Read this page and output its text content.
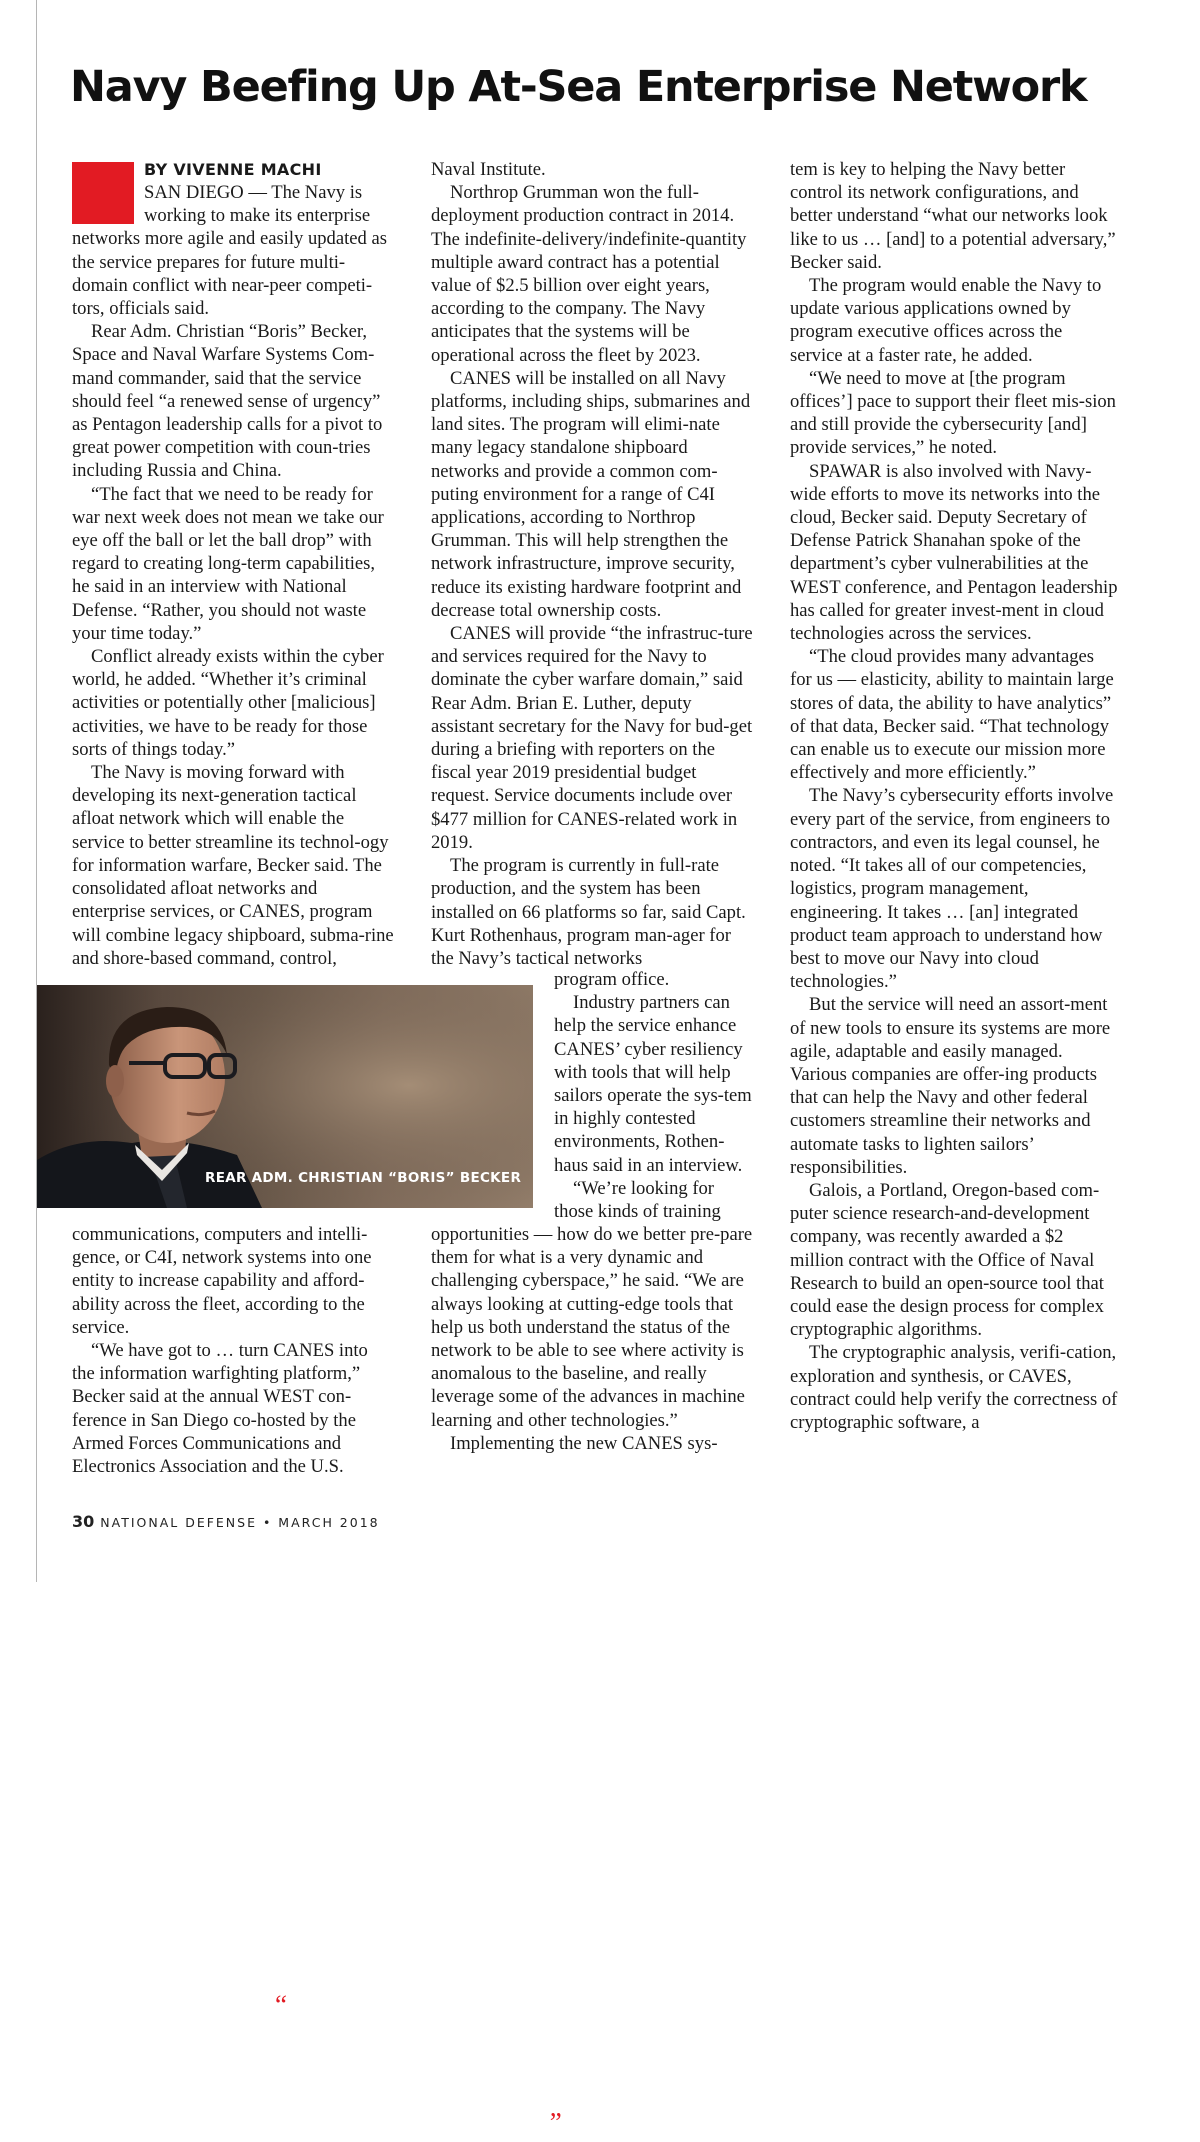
Navy Beefing Up At-Sea Enterprise Network
BY VIVENNE MACHI

SAN DIEGO — The Navy is working to make its enterprise networks more agile and easily updated as the service prepares for future multi-domain conflict with near-peer competi-tors, officials said.

Rear Adm. Christian “Boris” Becker, Space and Naval Warfare Systems Com-mand commander, said that the service should feel “a renewed sense of urgency” as Pentagon leadership calls for a pivot to great power competition with coun-tries including Russia and China.

“The fact that we need to be ready for war next week does not mean we take our eye off the ball or let the ball drop” with regard to creating long-term capabilities, he said in an interview with National Defense. “Rather, you should not waste your time today.”

Conflict already exists within the cyber world, he added. “Whether it’s criminal activities or potentially other [malicious] activities, we have to be ready for those sorts of things today.”

The Navy is moving forward with developing its next-generation tactical afloat network which will enable the service to better streamline its technol-ogy for information warfare, Becker said. The consolidated afloat networks and enterprise services, or CANES, program will combine legacy shipboard, subma-rine and shore-based command, control,

communications, computers and intelli-gence, or C4I, network systems into one entity to increase capability and afford-ability across the fleet, according to the service.

“We have got to … turn CANES into the information warfighting platform,” Becker said at the annual WEST con-ference in San Diego co-hosted by the Armed Forces Communications and Electronics Association and the U.S.

Naval Institute.

Northrop Grumman won the full-deployment production contract in 2014. The indefinite-delivery/indefinite-quantity multiple award contract has a potential value of $2.5 billion over eight years, according to the company. The Navy anticipates that the systems will be operational across the fleet by 2023.

CANES will be installed on all Navy platforms, including ships, submarines and land sites. The program will elimi-nate many legacy standalone shipboard networks and provide a common com-puting environment for a range of C4I applications, according to Northrop Grumman. This will help strengthen the network infrastructure, improve security, reduce its existing hardware footprint and decrease total ownership costs.

CANES will provide “the infrastruc-ture and services required for the Navy to dominate the cyber warfare domain,” said Rear Adm. Brian E. Luther, deputy assistant secretary for the Navy for bud-get during a briefing with reporters on the fiscal year 2019 presidential budget request. Service documents include over $477 million for CANES-related work in 2019.

The program is currently in full-rate production, and the system has been installed on 66 platforms so far, said Capt. Kurt Rothenhaus, program man-ager for the Navy’s tactical networks

program office.

Industry partners can help the service enhance CANES’ cyber resiliency with tools that will help sailors operate the sys-tem in highly contested environments, Rothen-haus said in an interview.

“We’re looking for those kinds of training

opportunities — how do we better pre-pare them for what is a very dynamic and challenging cyberspace,” he said. “We are always looking at cutting-edge tools that help us both understand the status of the network to be able to see where activity is anomalous to the baseline, and really leverage some of the advances in machine learning and other technologies.”

Implementing the new CANES sys-

tem is key to helping the Navy better control its network configurations, and better understand “what our networks look like to us … [and] to a potential adversary,” Becker said.

The program would enable the Navy to update various applications owned by program executive offices across the service at a faster rate, he added.

“We need to move at [the program offices’] pace to support their fleet mis-sion and still provide the cybersecurity [and] provide services,” he noted.

SPAWAR is also involved with Navy-wide efforts to move its networks into the cloud, Becker said. Deputy Secretary of Defense Patrick Shanahan spoke of the department’s cyber vulnerabilities at the WEST conference, and Pentagon leadership has called for greater invest-ment in cloud technologies across the services.

“The cloud provides many advantages for us — elasticity, ability to maintain large stores of data, the ability to have analytics” of that data, Becker said. “That technology can enable us to execute our mission more effectively and more efficiently.”

The Navy’s cybersecurity efforts involve every part of the service, from engineers to contractors, and even its legal counsel, he noted. “It takes all of our competencies, logistics, program management, engineering. It takes … [an] integrated product team approach to understand how best to move our Navy into cloud technologies.”

But the service will need an assort-ment of new tools to ensure its systems are more agile, adaptable and easily managed. Various companies are offer-ing products that can help the Navy and other federal customers streamline their networks and automate tasks to lighten sailors’ responsibilities.

Galois, a Portland, Oregon-based com-puter science research-and-development company, was recently awarded a $2 million contract with the Office of Naval Research to build an open-source tool that could ease the design process for complex cryptographic algorithms.

The cryptographic analysis, verifi-cation, exploration and synthesis, or CAVES, contract could help verify the correctness of cryptographic software, a

“We have got to ... turn CANES into the information warfighting platform.”

REAR ADM. CHRISTIAN “BORIS” BECKER

30 NATIONAL DEFENSE • MARCH 2018
